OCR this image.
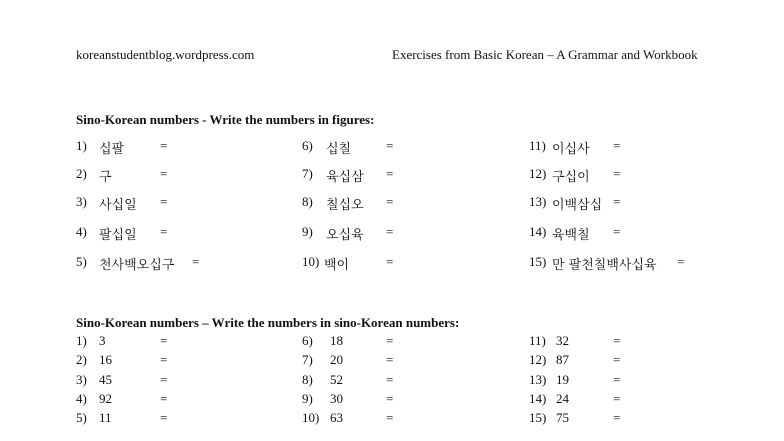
koreanstudentblog.wordpress.com	Exercises from Basic Korean – A Grammar and Workbook
Sino-Korean numbers - Write the numbers in figures:
1) 십팔	=
2) 구	=
3) 사십일 =
4) 팔십일 =
5) 천사백오십구 =
6) 십칠	=
7) 육십삼 =
8) 칠십오 =
9) 오십육 =
10) 백이	=
11) 이십사 =
12) 구십이 =
13) 이백삼십 =
14) 육백칠 =
15) 만 팔천칠백사십육 =
Sino-Korean numbers – Write the numbers in sino-Korean numbers:
1) 3	=
2) 16	=
3) 45	=
4) 92	=
5) 11	=
6) 18	=
7) 20	=
8) 52	=
9) 30	=
10) 63	=
11) 32	=
12) 87	=
13) 19	=
14) 24	=
15) 75	=
